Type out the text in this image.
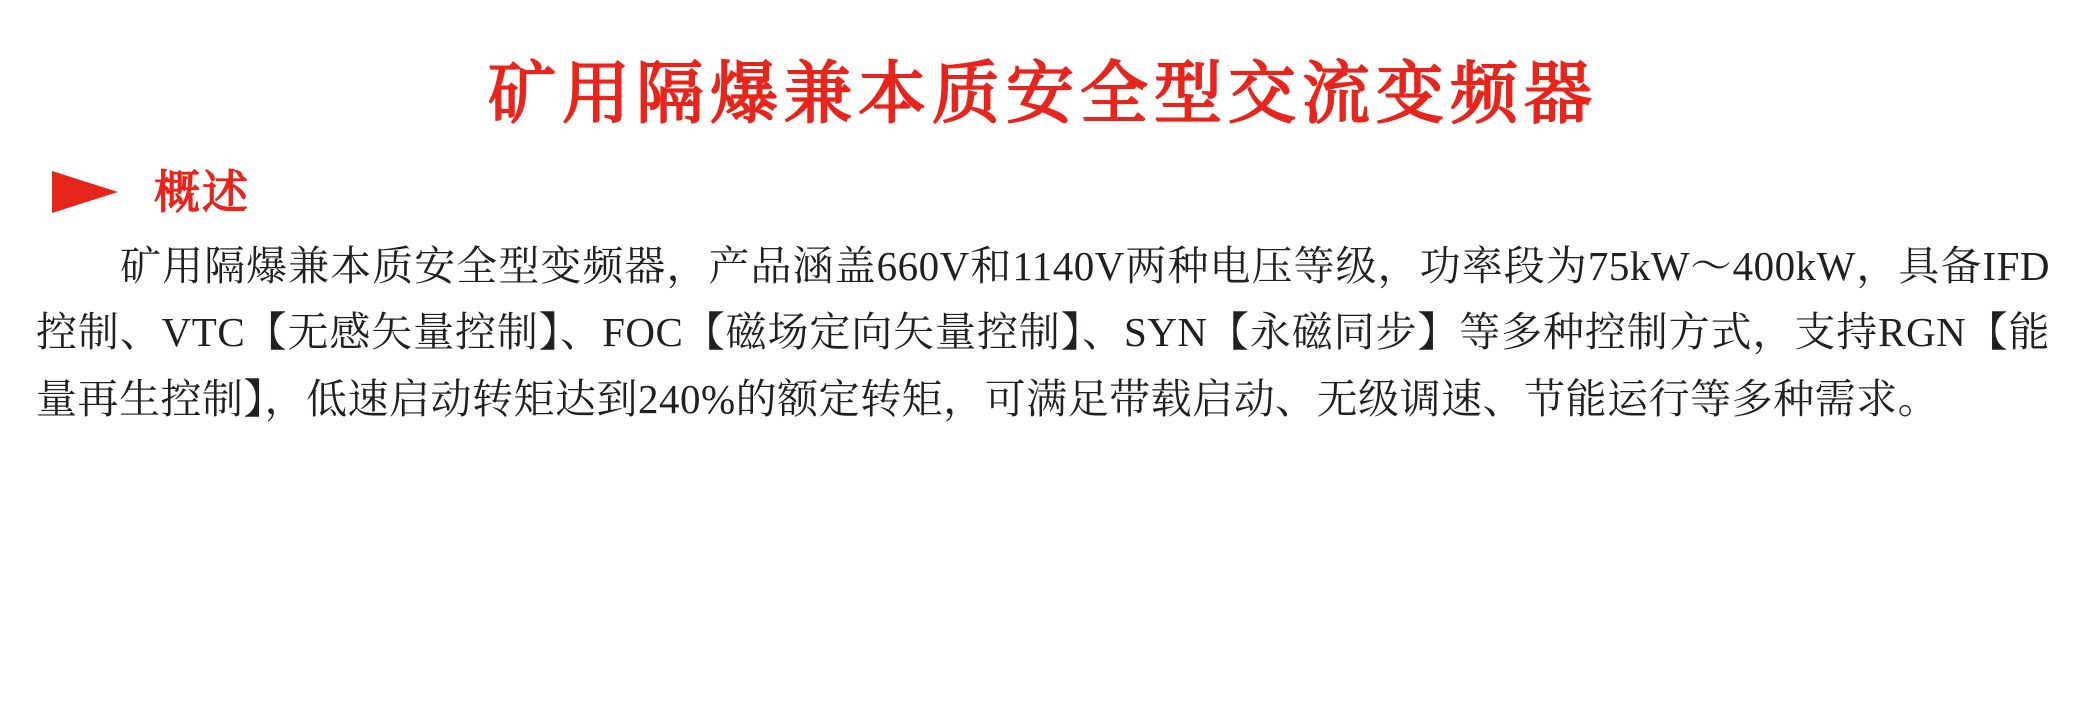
矿用隔爆兼本质安全型交流变频器
概述

矿用隔爆兼本质安全型变频器，产品涵盖660V和1140V两种电压等级，功率段为75kW～400kW，具备IFD控制、VTC【无感矢量控制】、FOC【磁场定向矢量控制】、SYN【永磁同步】等多种控制方式，支持RGN【能量再生控制】，低速启动转矩达到240%的额定转矩，可满足带载启动、无级调速、节能运行等多种需求。
